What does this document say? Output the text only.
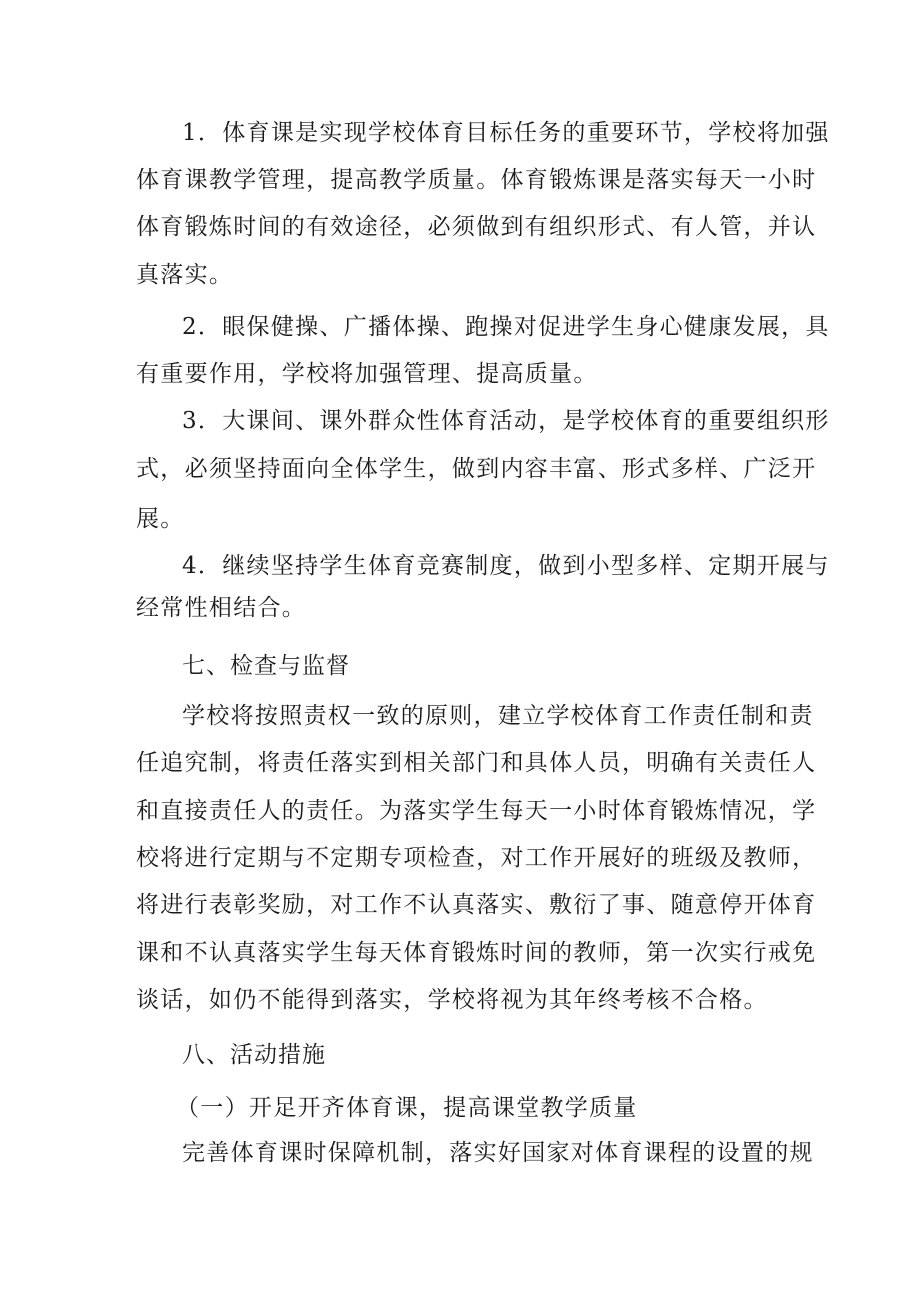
1．体育课是实现学校体育目标任务的重要环节，学校将加强
体育课教学管理，提高教学质量。体育锻炼课是落实每天一小时
体育锻炼时间的有效途径，必须做到有组织形式、有人管，并认
真落实。
2．眼保健操、广播体操、跑操对促进学生身心健康发展，具
有重要作用，学校将加强管理、提高质量。
3．大课间、课外群众性体育活动，是学校体育的重要组织形
式，必须坚持面向全体学生，做到内容丰富、形式多样、广泛开
展。
4．继续坚持学生体育竞赛制度，做到小型多样、定期开展与
经常性相结合。
七、检查与监督
学校将按照责权一致的原则，建立学校体育工作责任制和责
任追究制，将责任落实到相关部门和具体人员，明确有关责任人
和直接责任人的责任。为落实学生每天一小时体育锻炼情况，学
校将进行定期与不定期专项检查，对工作开展好的班级及教师，
将进行表彰奖励，对工作不认真落实、敷衍了事、随意停开体育
课和不认真落实学生每天体育锻炼时间的教师，第一次实行戒免
谈话，如仍不能得到落实，学校将视为其年终考核不合格。
八、活动措施
（一）开足开齐体育课，提高课堂教学质量
完善体育课时保障机制，落实好国家对体育课程的设置的规
